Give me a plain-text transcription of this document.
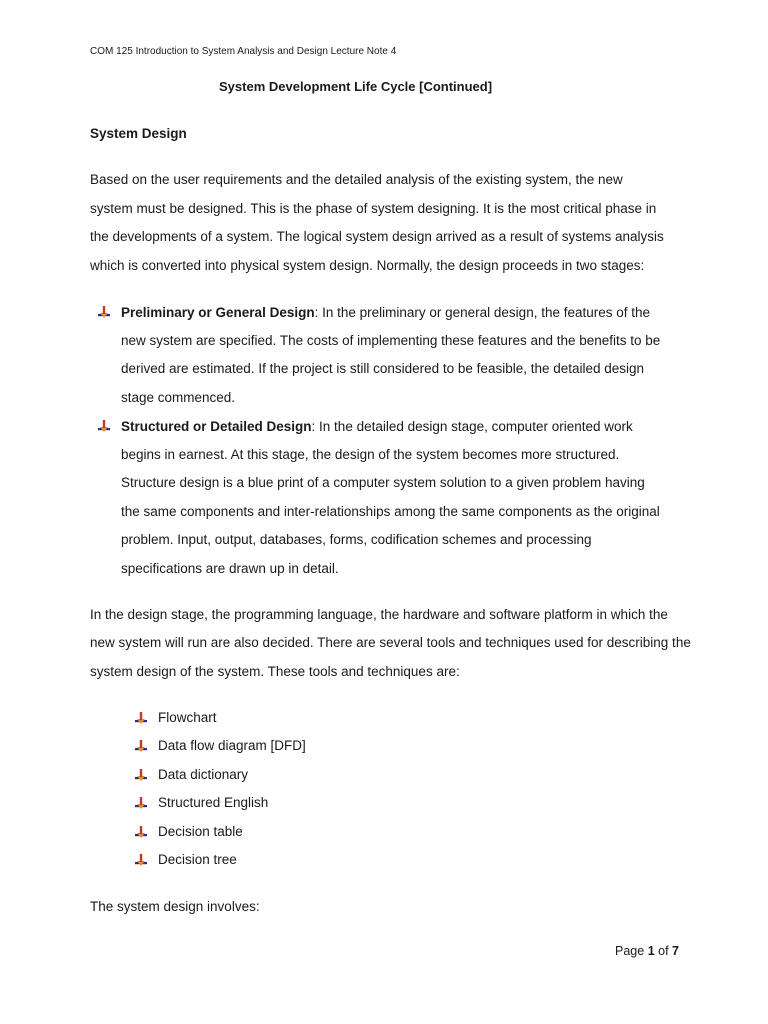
COM 125 Introduction to System Analysis and Design Lecture Note 4
System Development Life Cycle [Continued]
System Design
Based on the user requirements and the detailed analysis of the existing system, the new
system must be designed. This is the phase of system designing. It is the most critical phase in
the developments of a system. The logical system design arrived as a result of systems analysis
which is converted into physical system design. Normally, the design proceeds in two stages:
Preliminary or General Design: In the preliminary or general design, the features of the
new system are specified. The costs of implementing these features and the benefits to be
derived are estimated. If the project is still considered to be feasible, the detailed design
stage commenced.
Structured or Detailed Design: In the detailed design stage, computer oriented work
begins in earnest. At this stage, the design of the system becomes more structured.
Structure design is a blue print of a computer system solution to a given problem having
the same components and inter-relationships among the same components as the original
problem. Input, output, databases, forms, codification schemes and processing
specifications are drawn up in detail.
In the design stage, the programming language, the hardware and software platform in which the
new system will run are also decided. There are several tools and techniques used for describing the
system design of the system. These tools and techniques are:
Flowchart
Data flow diagram [DFD]
Data dictionary
Structured English
Decision table
Decision tree
The system design involves:
Page 1 of 7
